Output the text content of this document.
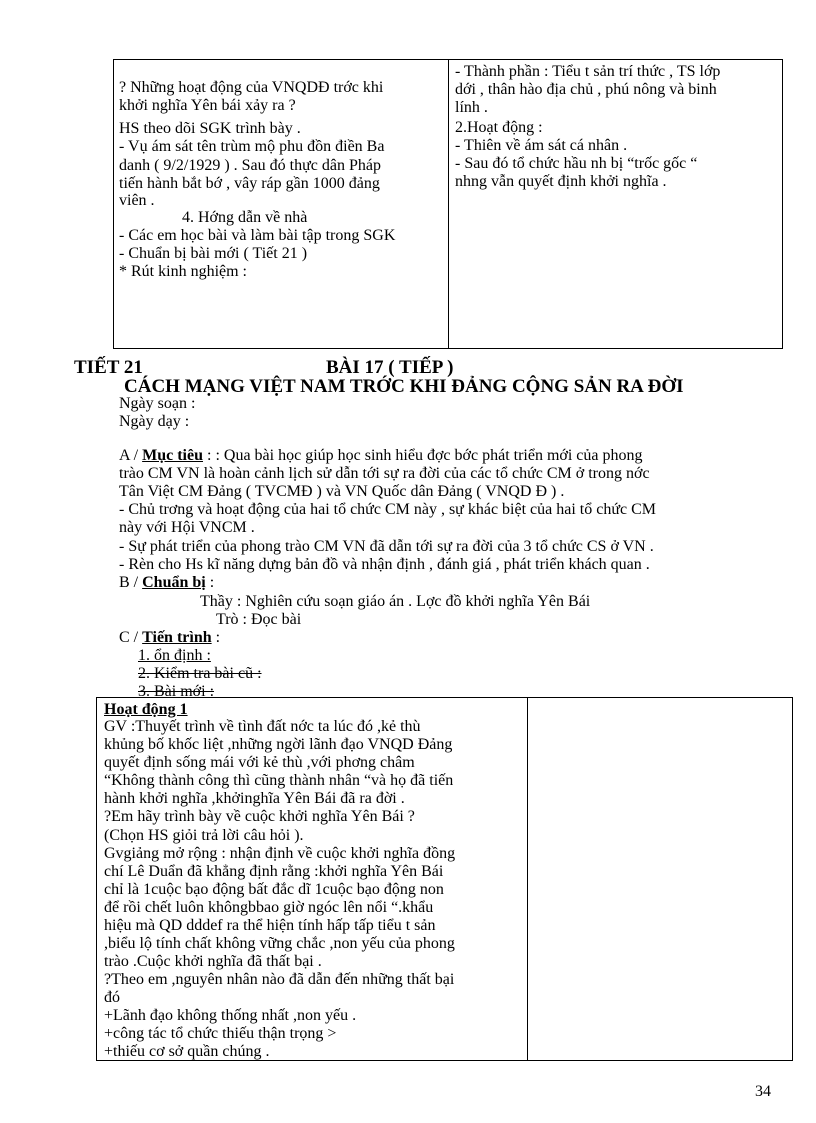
? Những hoạt động của VNQDĐ trớc khi
khởi nghĩa Yên bái xảy ra ?
HS theo dõi SGK trình bày .
- Vụ ám sát tên trùm mộ phu đồn điền Ba
danh ( 9/2/1929 ) . Sau đó thực dân Pháp
tiến hành bắt bớ , vây ráp gần 1000 đảng
viên .
4. Hớng dẫn về nhà
- Các em học bài và làm bài tập trong SGK
- Chuẩn bị bài mới ( Tiết 21 )
* Rút kinh nghiệm :
- Thành phần : Tiểu t sản trí thức , TS lớp
dới , thân hào địa chủ , phú nông và binh
lính .
2.Hoạt động :
- Thiên về ám sát cá nhân .
- Sau đó tổ chức hầu nh bị “trốc gốc “
nhng vẫn quyết định khởi nghĩa .
TIẾT 21	BÀI 17 ( TIẾP )
CÁCH MẠNG VIỆT NAM TRỚC KHI ĐẢNG CỘNG SẢN RA ĐỜI
Ngày soạn :
Ngày dạy :
A / Mục tiêu : : Qua bài học giúp học sinh hiểu đợc bớc phát triển mới của phong
trào CM VN là hoàn cảnh lịch sử dẫn tới sự ra đời của các tổ chức CM ở trong nớc
Tân Việt CM Đảng ( TVCMĐ ) và VN Quốc dân Đảng ( VNQD Đ ) .
- Chủ trơng và hoạt động của hai tổ chức CM này , sự khác biệt của hai tổ chức CM
này với Hội VNCM .
- Sự phát triển của phong trào CM VN đã dẫn tới sự ra đời của 3 tổ chức CS ở VN .
- Rèn cho Hs kĩ năng dựng bản đồ và nhận định , đánh giá , phát triển khách quan .
B / Chuẩn bị :
Thầy : Nghiên cứu soạn giáo án . Lợc đồ khởi nghĩa Yên Bái
Trò : Đọc bài
C / Tiến trình :
1. ổn định :
2. Kiểm tra bài cũ :
3. Bài mới :
Hoạt động 1
GV :Thuyết trình về tình đất nớc ta lúc đó ,kẻ thù
khủng bố khốc liệt ,những ngời lãnh đạo VNQD Đảng
quyết định sống mái với kẻ thù ,với phơng châm
“Không thành công thì cũng thành nhân “và họ đã tiến
hành khởi nghĩa ,khởinghĩa Yên Bái đã ra đời .
?Em hãy trình bày về cuộc khởi nghĩa Yên Bái ?
(Chọn HS giỏi trả lời câu hỏi ).
Gvgiảng mở rộng : nhận định về cuộc khởi nghĩa đồng
chí Lê Duẩn đã khẳng định rằng :khởi nghĩa Yên Bái
chỉ là 1cuộc bạo động bất đắc dĩ 1cuộc bạo động non
để rồi chết luôn khôngbbao giờ ngóc lên nổi “.khẩu
hiệu mà QD dddef ra thể hiện tính hấp tấp tiểu t sản
,biểu lộ tính chất không vững chắc ,non yếu của phong
trào .Cuộc khởi nghĩa đã thất bại .
?Theo em ,nguyên nhân nào đã dẫn đến những thất bại
đó
+Lãnh đạo không thống nhất ,non yếu .
+công tác tổ chức thiếu thận trọng >
+thiếu cơ sở quần chúng .
34
